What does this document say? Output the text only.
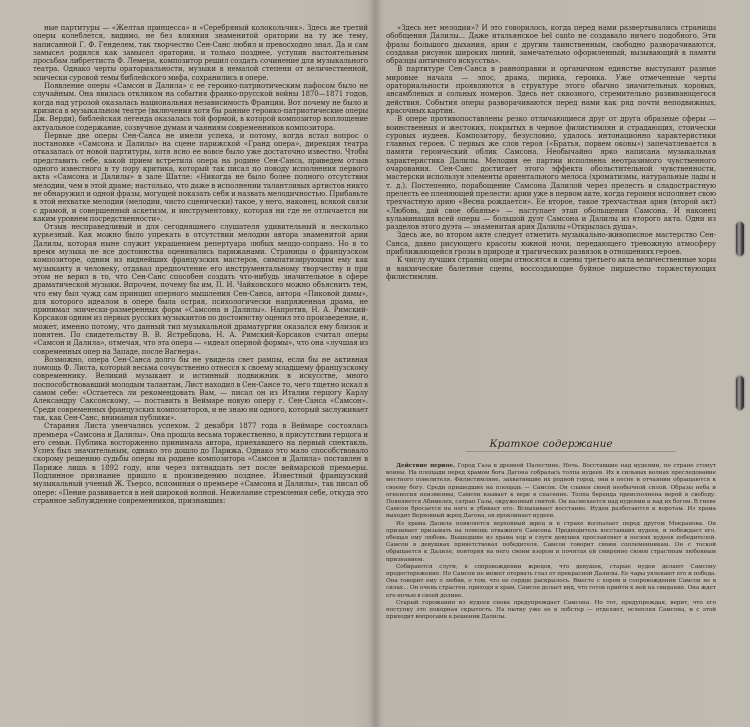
ные партитуры — «Желтая принцесса» и «Серебряный колокольчик». Здесь же третий оперы колеблется, видимо, не без влияния знаменитой оратории на ту же тему, написанной Г. Ф. Генделем, так творчество Сен-Санс любил и превосходно знал. Да и сам замысел родился как замысел оратории, и только позднее, уступив настоятельным просьбам либреттиста Ф. Лемера, композитор решил создать сочинение для музыкального театра. Однако черты ораториальности, музыки в немалой степени от величественной, эпически суровой темы библейского мифа, сохранились в опере.

Появление оперы «Самсон и Далила» с ее героико-патриотическим пафосом было не случайным. Она явилась откликом на события франко-прусской войны 1870—1871 годов, когда над угрозой оказалась национальная независимость Франции. Вот почему не было и кризиса в музыкальном театре (включения хотя бы ранние героико-патриотические оперы Дж. Верди), библейская легенда оказалась той формой, в которой композитор воплощение актуальное содержание, созвучное думам и чаяниям современников композитора.

Первые две оперы Сен-Санса не имели успеха, и потому, когда встал вопрос о постановке «Самсона и Далилы» на сцене парижской «Гранд опера», дирекция театра отказалась от новой партитуры, хотя ясно ее вовсе было уже достаточно известно. Чтобы представить себе, какой прием встретила опера на родине Сен-Санса, приведем отзыв одного известного в ту пору критика, который так писал по поводу исполнения первого акта «Самсона и Далилы» в зале Шатле: «Никогда не было более полного отсутствия мелодии, чем в этой драме; настолько, что даже в исполнении талантливых артистов никто не обнаружил и одной фразы, могущей показать себя и назвать мелодичностью. Прибавьте к этой нехватке мелодии (мелодии, чисто сценически) такое, у него, наконец, всякой связи с драмой, и совершенный аскетизм, и инструментовку, которая ни где не отличается ни каким уровнем посредственности».

Отзыв несправедливый и для сегодняшнего слушателя удивительный и несколько курьезный. Как можно было упрекать в отсутствии мелодии автора знаменитой арии Далилы, которая ныне служит украшением репертуара любых меццо-сопрано. Но в то время музыка не все достоинства оценивались парижанами. Страницы о французском композиторе, одним из виднейших французских мастеров, симпатизирующим ему как музыканту и человеку, отдавал предпочтение его инструментальному творчеству и при этом не верил в то, что Сен-Санс способен создать что-нибудь значительное в сфере драматической музыки. Впрочем, почему бы им, П. И. Чайковского можно объяснить тем, что ему был чужд сам принцип оперного мышления Сен-Санса, автора «Пиковой дамы», для которого идеалом в опере была острая, психологически напряженная драма, не принимал эпически-размеренных форм «Самсона и Далилы». Напротив, Н. А. Римский-Корсаков одним из первых русских музыкантов по достоинству оценил это произведение, и, может, именно потому, что данный тип музыкальной драматургии оказался ему близок и понятен. По свидетельству В. В. Ястребцова, Н. А. Римский-Корсаков считал оперы «Самсон и Далила», отмечая, что эта опера — «идеал оперной формы», что она «лучшая из современных опер на Западе, после Вагнера».

Возможно, опера Сен-Санса долго бы не увидела свет рампы, если бы не активная помощь Ф. Листа, который весьма сочувственно отнесся к своему младшему французскому современнику. Великий музыкант и истинный подвижник в искусстве, много поспособствовавший молодым талантам, Лист находил в Сен-Сансе то, чего тщетно искал в самом себе: «Остаетесь ли рекомендовать Вам, — писал он из Италии герцогу Карлу Александру Саксонскому, — поставить в Веймаре новую оперу г. Сен-Санса «Самсон». Среди современных французских композиторов, и не знаю ни одного, который заслуживает так, как Сен-Санс, внимания публики».

Старания Листа увенчались успехом. 2 декабря 1877 года в Веймаре состоялась премьера «Самсона и Далилы». Она прошла весьма торжественно, в присутствии герцога и его семьи. Публика восторженно принимала автора, приехавшего на первый спектакль. Успех был значительным, однако это дошло до Парижа. Однако это мало способствовало скорому решению судьбы оперы на родине композитора «Самсон и Далила» поставлен в Париже лишь в 1892 году, или через пятнадцать лет после веймарской премьеры. Подлинное признание пришло к произведению позднее. Известный французский музыкальный ученый Ж. Тьерсо, вспоминая о премьере «Самсона и Далилы», так писал об опере: «Пение развивается в ней широкой волной. Нежелание стремления себе, откуда это странное заблуждение современников, признавших:

«Здесь нет мелодии»? И это говорилось, когда перед нами развертывались страницы обобщения Далилы... Даже итальянское bel canto не создавало ничего подобного. Эти фразы большого дыхания, арии с другим таинственным, свободно разворачиваются, создавая рисунок широких линий, замечательно оформленный, вызывающий в памяти образцы античного искусства».

В партитуре Сен-Санса в равноправии и органичном единстве выступают разные мировые начала — эпос, драма, лирика, героика. Уже отмеченные черты ораториальности проявляются в структуре этого обычно значительных хоровых, ансамблевых и сольных номеров. Здесь нет сквозного, стремительно развивающегося действия. События оперы разворачиваются перед нами как ряд почти неподвижных, красочных картин.

В опере противопоставлены резко отличающиеся друг от друга образные сферы — воинственных и жестоких, покрытых в черное филистимлян и страдающих, стоически суровых иудеев. Композитору, безусловно, удалось интонационно характеристики главных героев. С первых же слов героя («Братья, порвем оковы») запечатлевается в памяти героический облик Самсона. Необычайно ярко написана музыкальная характеристика Далилы. Мелодия ее партии исполнена неотразимого чувственного очарования. Сен-Санс достигает этого эффекта обольстительной чувственности, мастерски используя элементы ориентального мелоса (хроматизмы, натуральные лады и т. д.). Постепенно, порабощение Самсона Далилой через прелесть и сладострастную прелесть ее пленяющей прелести: арии уже в первом акте, когда героиня исполняет свою трехчастную арию «Весна рождается». Ее второе, такое трехчастная ария (второй акт) «Любовь, дай свое обаянье» — наступает этап обольщения Самсона. И наконец кульминация всей оперы — большой дуэт Самсона и Далилы из второго акта. Одни из разделов этого дуэта — знаменитая ария Далилы «Открылась душа».

Здесь же, во втором акте следует отметить музыкально-живописное мастерство Сен-Санса, давно рисующего красоты южной ночи, передающего тревожную атмосферу приближающейся грозы в природе и трагических развязок в отношениях героев.

К числу лучших страниц оперы относятся и сцены третьего акта величественные хоры и вакхические балетные сцены, воссоздающие буйное пиршество торжествующих филистимлян.

Краткое содержание

Действие первое. Город Газа в древней Палестине. Ночь. Восставшие над иудеями, по стране стонут воины. На площади перед храмом бога Дагона собралась толпа иудеев. Их в сильных волнах преследование местного повелителя. Филистимляне, захватившие их родной город, они в песне и отчаянии обращаются к своему богу. Среди пришедших на площадь — Самсон. Он славен своей необычной силой. Образы неба и огненосия неизменны, Самсон взывает к вере в спасение. Толпа беренда преисполнена верой в свободу. Появляется Абимелех, сатрап Газы, окруженный свитой. Он насмехается над иудеями и над их богом. В гневе Самсон бросается на него и убивает его. Вспыхивает восстание. Иудеи разбегаются к воротам. Из храма выходит Верховный жрец Дагона, он проклинает иудеев.

Из храма Далила появляется верховный жрец и в страхе воспылает перед другом Мекранова. Он призывает призывать на помощь отважного Самсона. Предводитель восставших иудеев, и побеждает его, обещая ему любовь. Вышедшие из храма хор и слуги девушек прославляют в песнях иудеев победителей. Самсон в девушках приветствовал победителя. Самсон говорит своим соплеменникам. Он с тоской обращается к Далиле, повторяя на него своим взором и почитая ей смиренно своим страстным любовным признанием.

Собираются слуги, в сопровождении жрецов, что девушек, старые иудеи делают Самсону предостережение. Но Самсон не может оторвать глаз от прекрасной Далилы. Ее чары увлекают его и победа. Она говорит ему о любви, о том, что ее сердце раскрылось. Вместе с хором и сопровождении Самсон не в силах... Он очень страстен, приходя в храм, Самсон делает вид, что готов прийти к ней на свидание. Она ждет его ночью в своей долине.

Старый горожанин из иудеев снова предупреждает Самсона. Но тот, предупреждая, верит, что его поступку это покорная скрытость. На пытку уже ее в лобстер — отделяет, ослепляя Самсона, и с этой приходит вопросами в решении Далилы.
